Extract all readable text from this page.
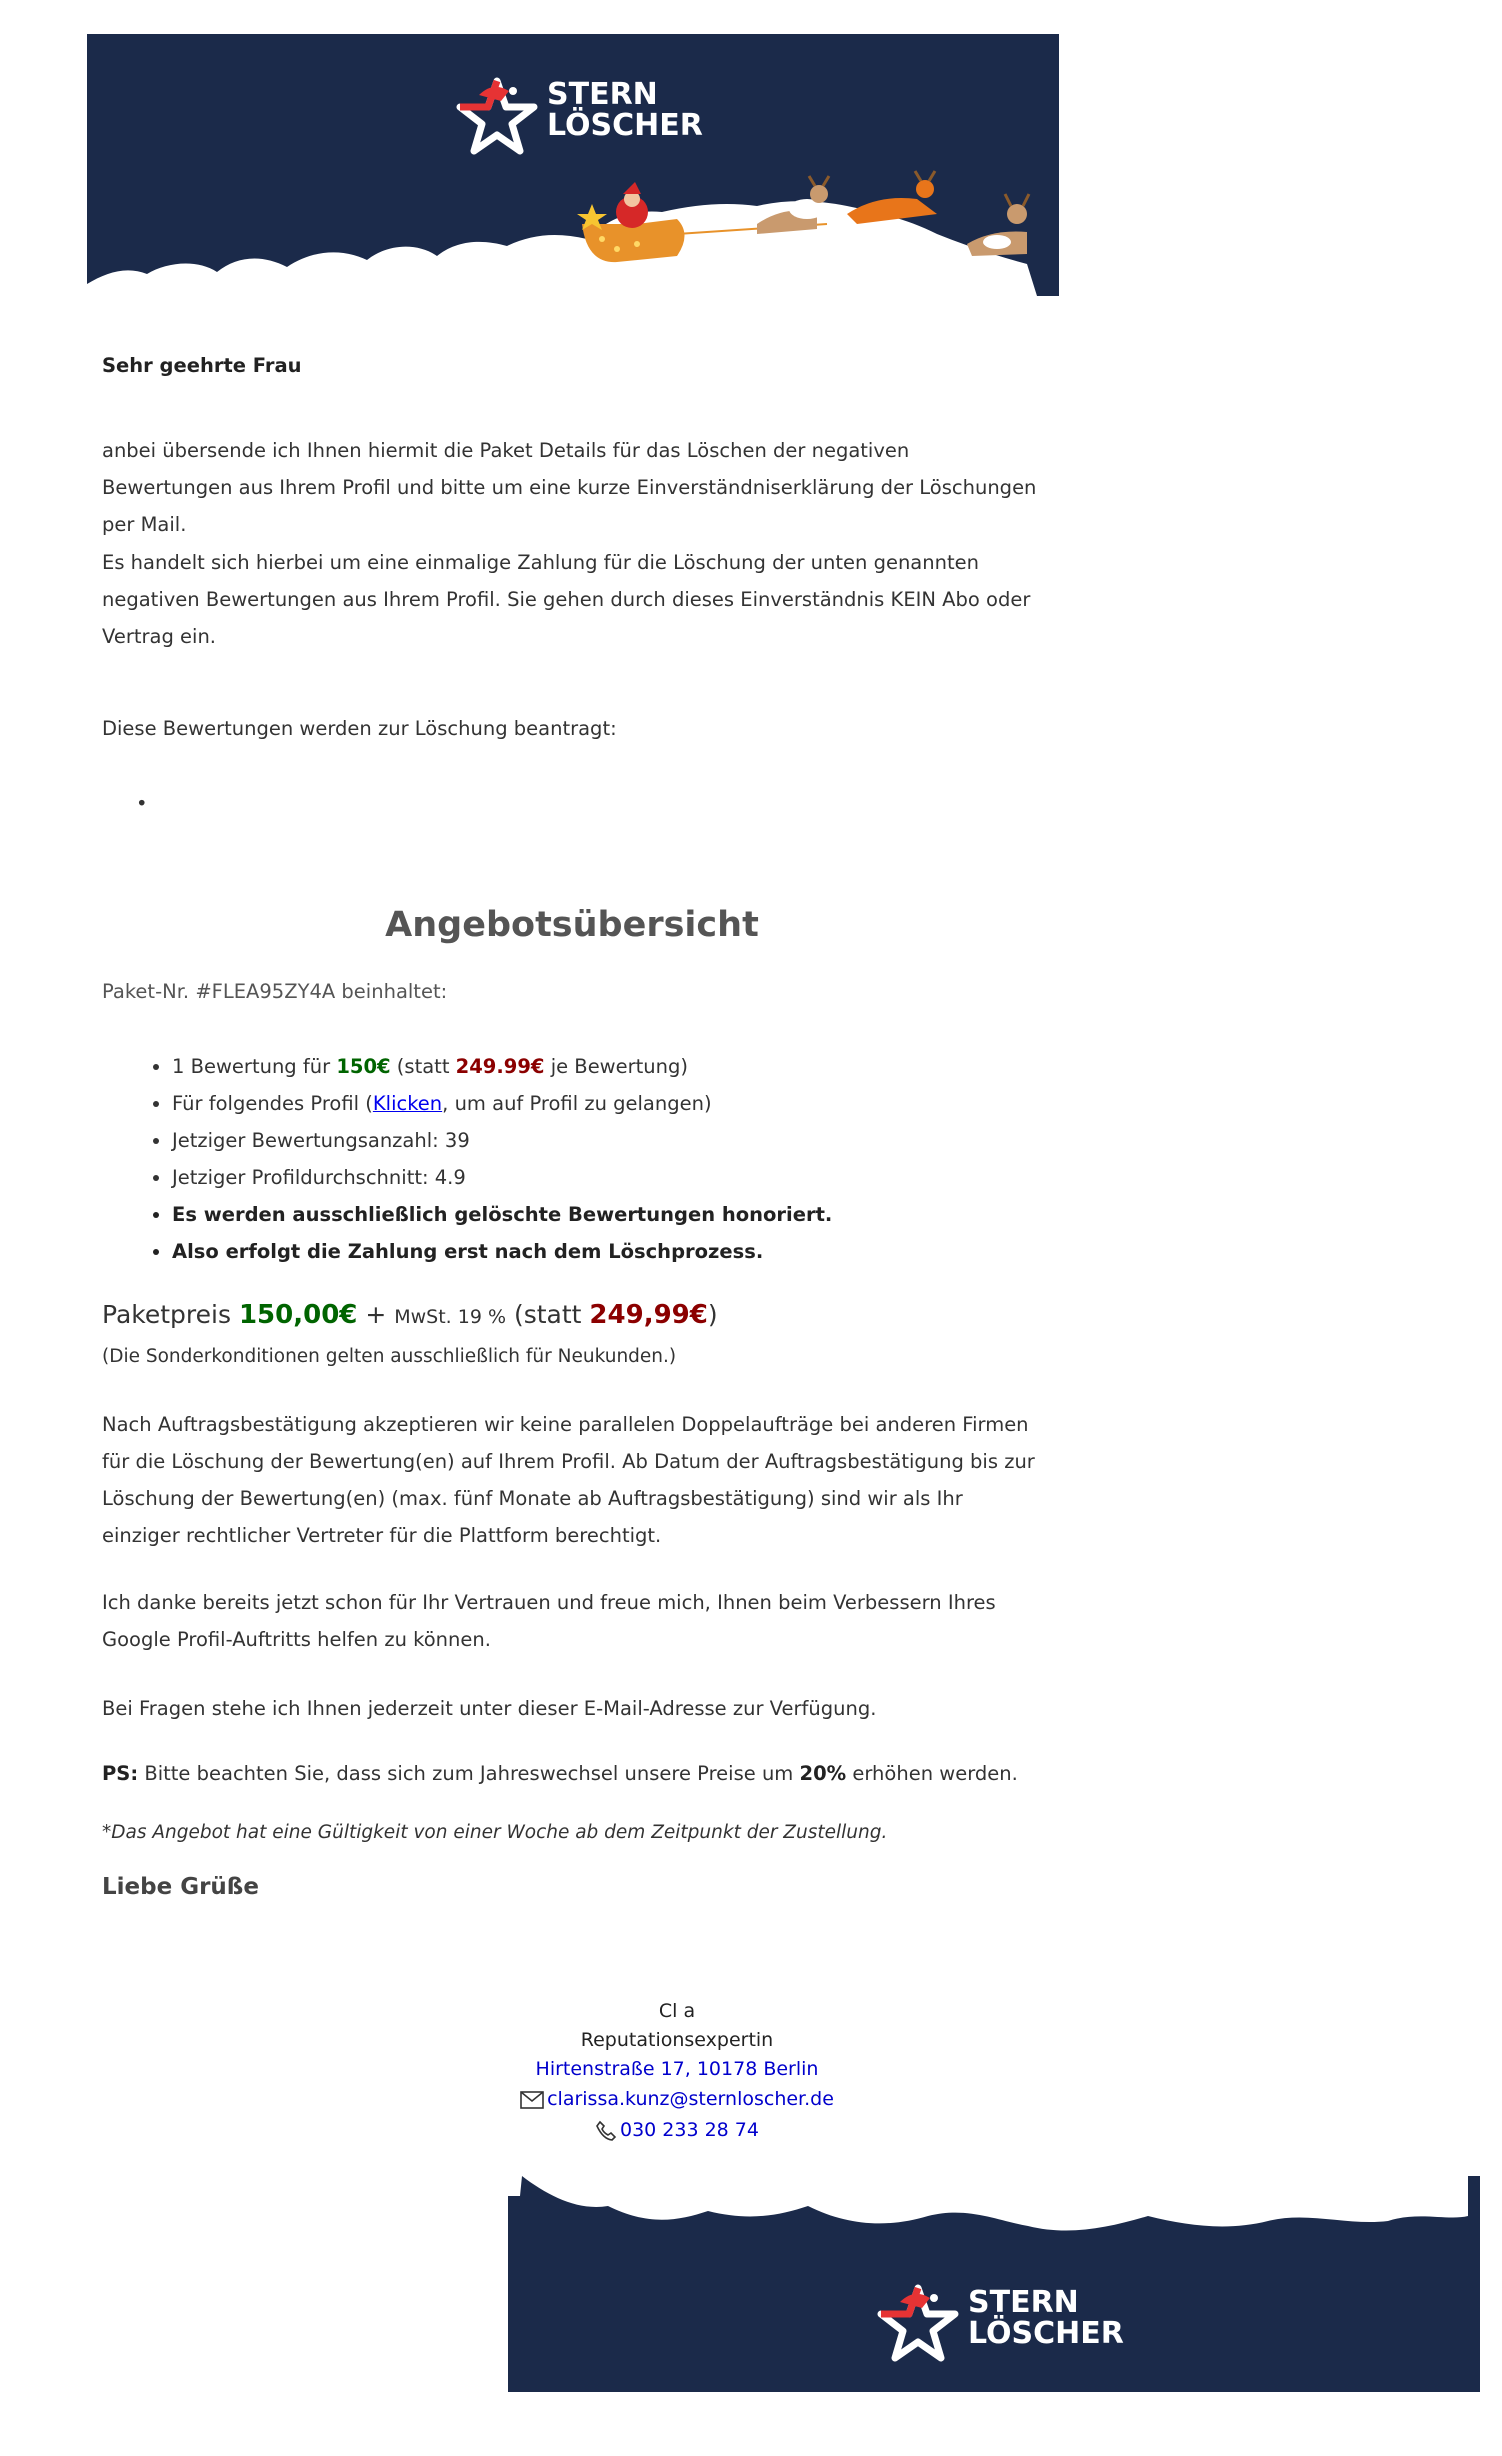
STERN
LÖSCHER
Sehr geehrte Frau

anbei übersende ich Ihnen hiermit die Paket Details für das Löschen der negativen Bewertungen aus Ihrem Profil und bitte um eine kurze Einverständniserklärung der Löschungen per Mail.

Es handelt sich hierbei um eine einmalige Zahlung für die Löschung der unten genannten negativen Bewertungen aus Ihrem Profil. Sie gehen durch dieses Einverständnis KEIN Abo oder Vertrag ein.

Diese Bewertungen werden zur Löschung beantragt:

•
Angebotsübersicht
Paket-Nr. #FLEA95ZY4A beinhaltet:
• 1 Bewertung für 150€ (statt 249.99€ je Bewertung)
• Für folgendes Profil (Klicken, um auf Profil zu gelangen)
• Jetziger Bewertungsanzahl: 39
• Jetziger Profildurchschnitt: 4.9
• Es werden ausschließlich gelöschte Bewertungen honoriert.
• Also erfolgt die Zahlung erst nach dem Löschprozess.
Paketpreis 150,00€ + MwSt. 19 % (statt 249,99€)
(Die Sonderkonditionen gelten ausschließlich für Neukunden.)

Nach Auftragsbestätigung akzeptieren wir keine parallelen Doppelaufträge bei anderen Firmen für die Löschung der Bewertung(en) auf Ihrem Profil. Ab Datum der Auftragsbestätigung bis zur Löschung der Bewertung(en) (max. fünf Monate ab Auftragsbestätigung) sind wir als Ihr einziger rechtlicher Vertreter für die Plattform berechtigt.

Ich danke bereits jetzt schon für Ihr Vertrauen und freue mich, Ihnen beim Verbessern Ihres Google Profil-Auftritts helfen zu können.

Bei Fragen stehe ich Ihnen jederzeit unter dieser E-Mail-Adresse zur Verfügung.

PS: Bitte beachten Sie, dass sich zum Jahreswechsel unsere Preise um 20% erhöhen werden.

*Das Angebot hat eine Gültigkeit von einer Woche ab dem Zeitpunkt der Zustellung.
Liebe Grüße
Cl a
Reputationsexpertin
Hirtenstraße 17, 10178 Berlin
clarissa.kunz@sternloscher.de
030 233 28 74
STERN
LÖSCHER
